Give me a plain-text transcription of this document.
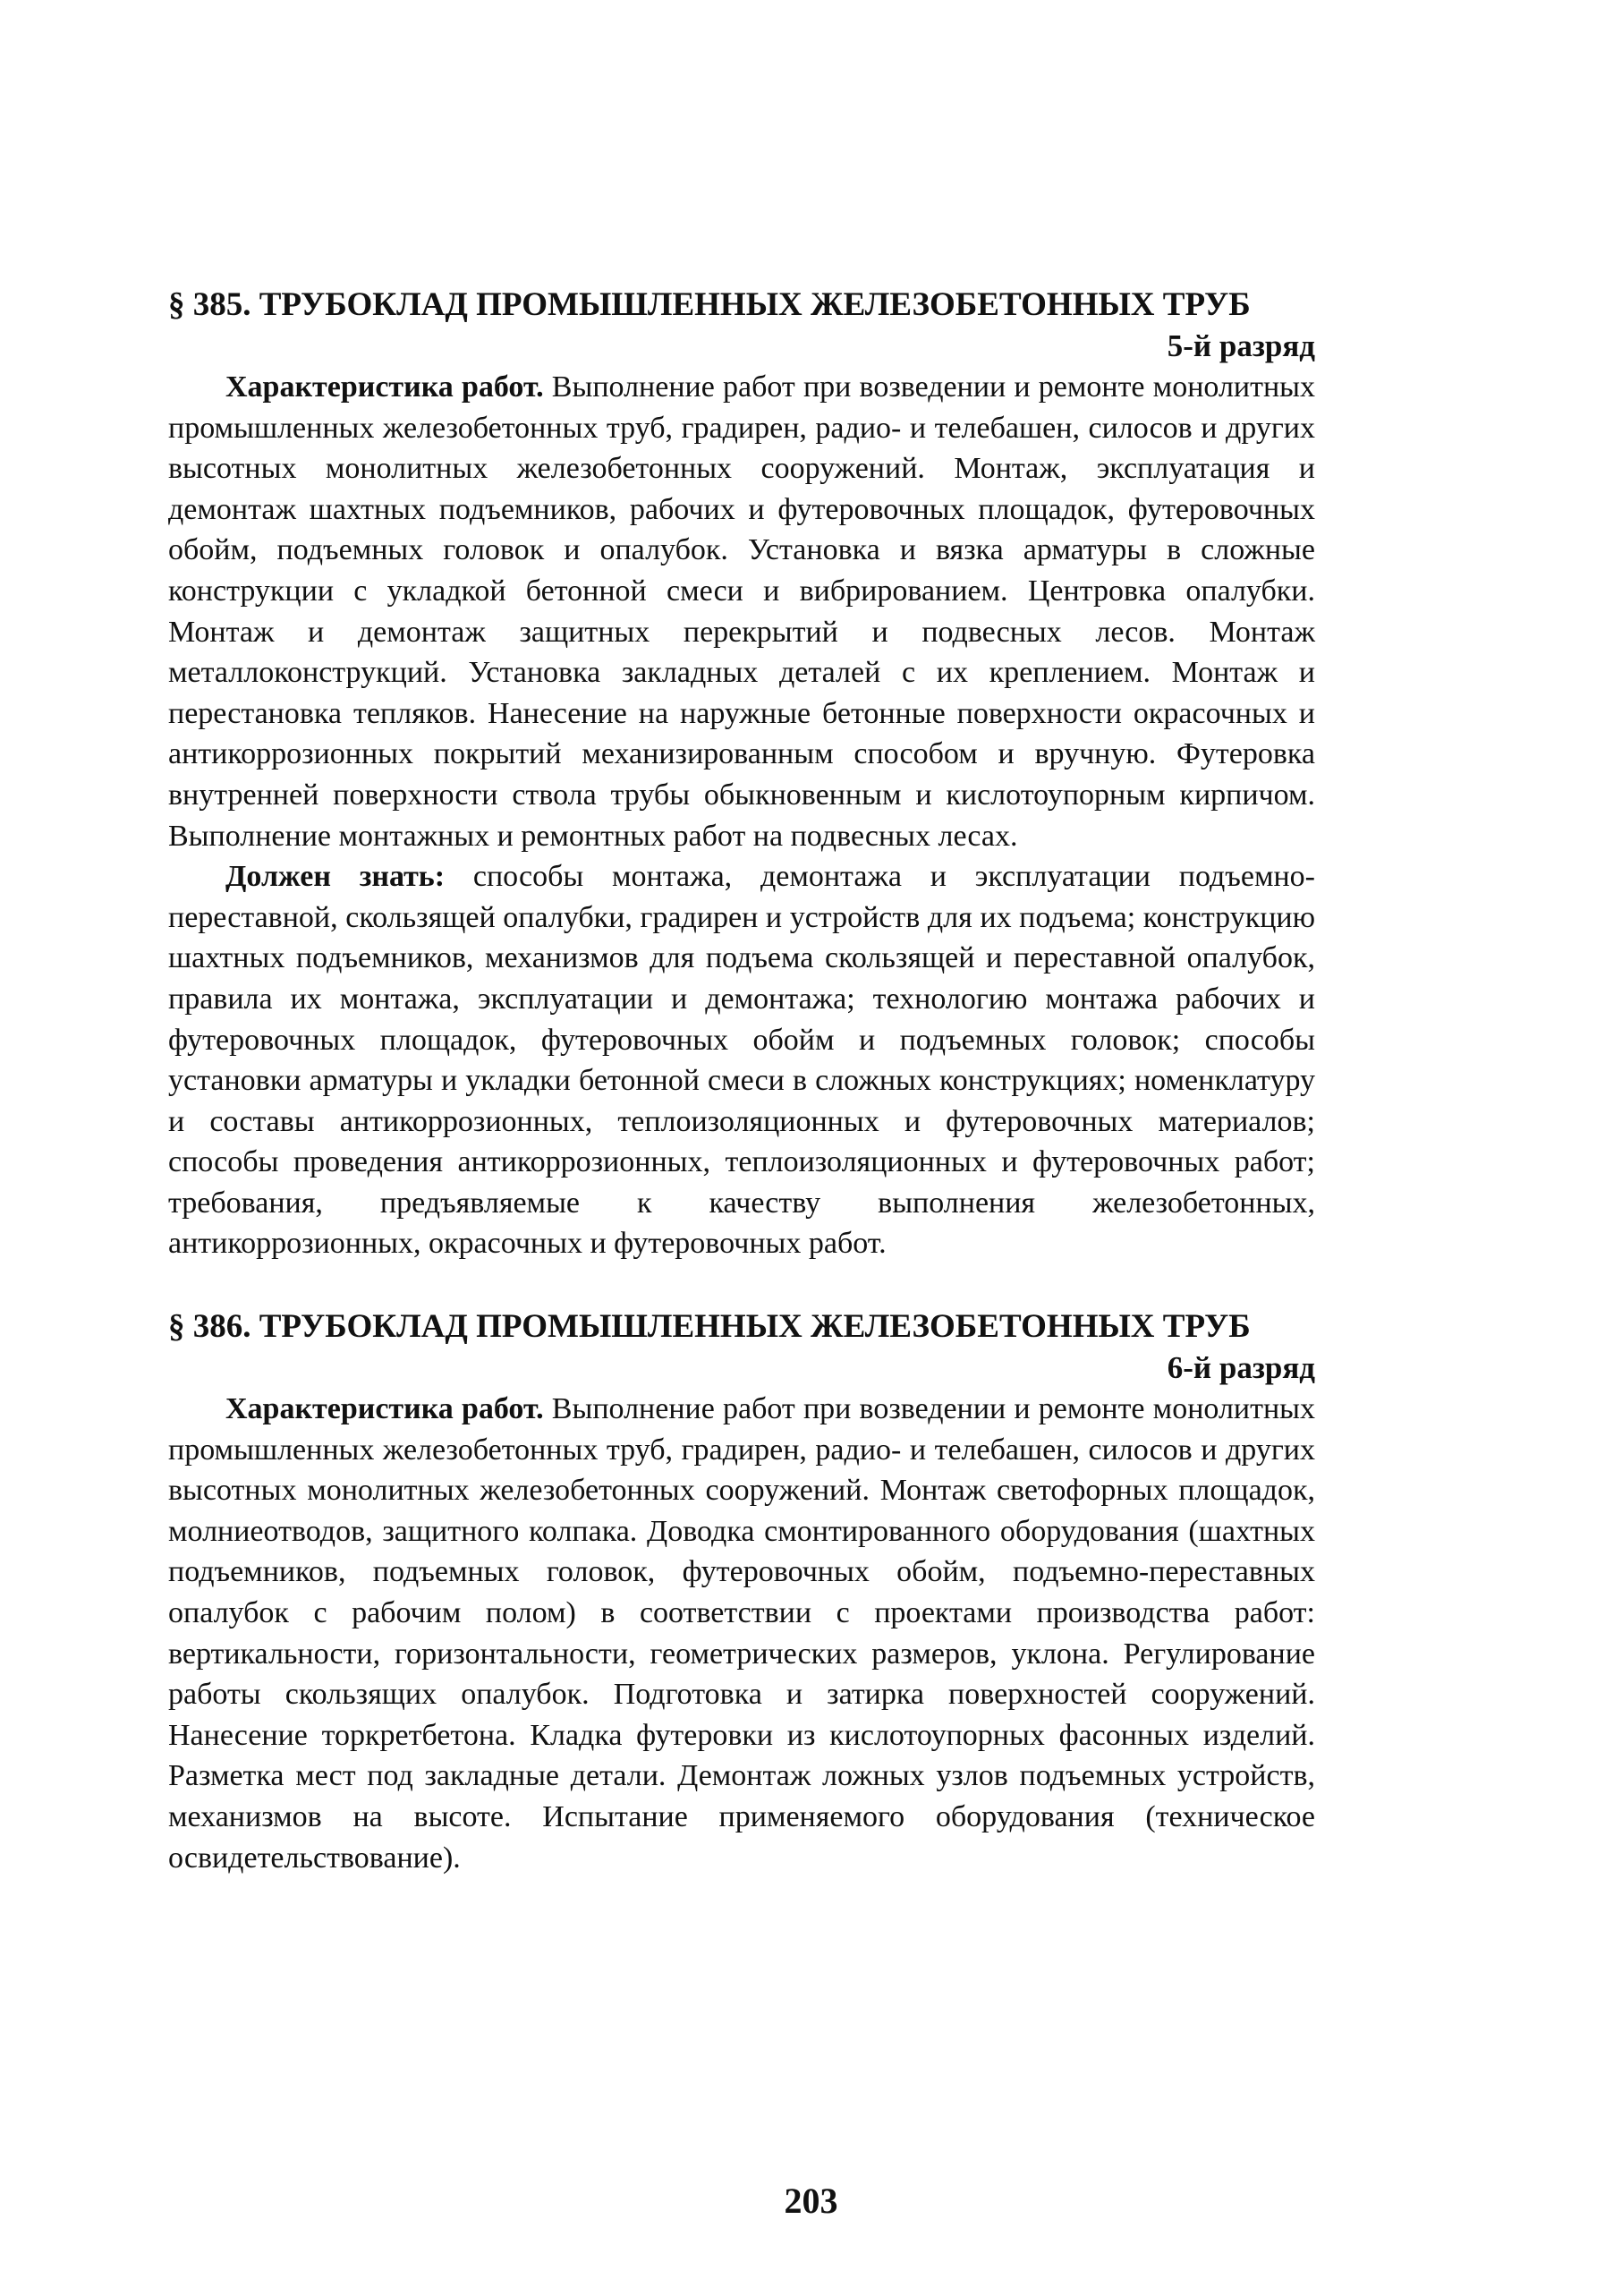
§ 385. ТРУБОКЛАД ПРОМЫШЛЕННЫХ ЖЕЛЕЗОБЕТОННЫХ ТРУБ

5-й разряд

Характеристика работ. Выполнение работ при возведении и ремонте монолитных промышленных железобетонных труб, градирен, радио- и телебашен, силосов и других высотных монолитных железобетонных сооружений. Монтаж, эксплуатация и демонтаж шахтных подъемников, рабочих и футеровочных площадок, футеровочных обойм, подъемных головок и опалубок. Установка и вязка арматуры в сложные конструкции с укладкой бетонной смеси и вибрированием. Центровка опалубки. Монтаж и демонтаж защитных перекрытий и подвесных лесов. Монтаж металлоконструкций. Установка закладных деталей с их креплением. Монтаж и перестановка тепляков. Нанесение на наружные бетонные поверхности окрасочных и антикоррозионных покрытий механизированным способом и вручную. Футеровка внутренней поверхности ствола трубы обыкновенным и кислотоупорным кирпичом. Выполнение монтажных и ремонтных работ на подвесных лесах.

Должен знать: способы монтажа, демонтажа и эксплуатации подъемно-переставной, скользящей опалубки, градирен и устройств для их подъема; конструкцию шахтных подъемников, механизмов для подъема скользящей и переставной опалубок, правила их монтажа, эксплуатации и демонтажа; технологию монтажа рабочих и футеровочных площадок, футеровочных обойм и подъемных головок; способы установки арматуры и укладки бетонной смеси в сложных конструкциях; номенклатуру и составы антикоррозионных, теплоизоляционных и футеровочных материалов; способы проведения антикоррозионных, теплоизоляционных и футеровочных работ; требования, предъявляемые к качеству выполнения железобетонных, антикоррозионных, окрасочных и футеровочных работ.

§ 386. ТРУБОКЛАД ПРОМЫШЛЕННЫХ ЖЕЛЕЗОБЕТОННЫХ ТРУБ

6-й разряд

Характеристика работ. Выполнение работ при возведении и ремонте монолитных промышленных железобетонных труб, градирен, радио- и телебашен, силосов и других высотных монолитных железобетонных сооружений. Монтаж светофорных площадок, молниеотводов, защитного колпака. Доводка смонтированного оборудования (шахтных подъемников, подъемных головок, футеровочных обойм, подъемно-переставных опалубок с рабочим полом) в соответствии с проектами производства работ: вертикальности, горизонтальности, геометрических размеров, уклона. Регулирование работы скользящих опалубок. Подготовка и затирка поверхностей сооружений. Нанесение торкретбетона. Кладка футеровки из кислотоупорных фасонных изделий. Разметка мест под закладные детали. Демонтаж ложных узлов подъемных устройств, механизмов на высоте. Испытание применяемого оборудования (техническое освидетельствование).

203
